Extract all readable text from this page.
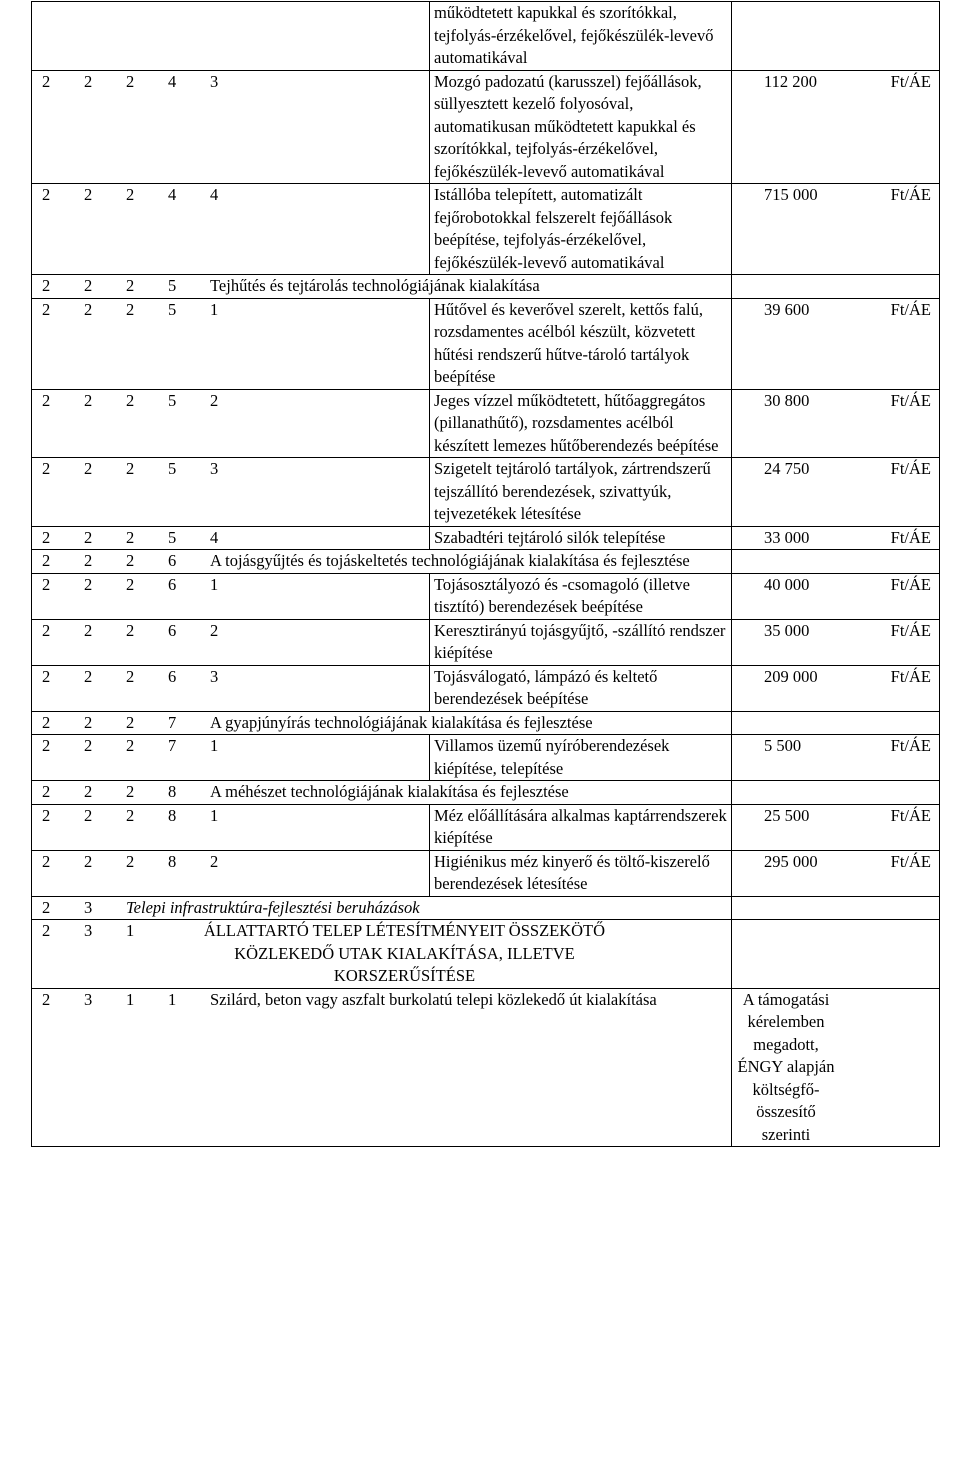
	működtetett kapukkal és szorítókkal, tejfolyás-érzékelővel, fejőkészülék-levevő automatikával	

2 2 2 4 3	Mozgó padozatú (karusszel) fejőállások, süllyesztett kezelő folyosóval, automatikusan működtetett kapukkal és szorítókkal, tejfolyás-érzékelővel, fejőkészülék-levevő automatikával	112 200 Ft/ÁE

2 2 2 4 4	Istállóba telepített, automatizált fejőrobotokkal felszerelt fejőállások beépítése, tejfolyás-érzékelővel, fejőkészülék-levevő automatikával	715 000 Ft/ÁE

2 2 2 5 Tejhűtés és tejtárolás technológiájának kialakítása		

2 2 2 5 1	Hűtővel és keverővel szerelt, kettős falú, rozsdamentes acélból készült, közvetett hűtési rendszerű hűtve-tároló tartályok beépítése	39 600 Ft/ÁE

2 2 2 5 2	Jeges vízzel működtetett, hűtőaggregátos (pillanathűtő), rozsdamentes acélból készített lemezes hűtőberendezés beépítése	30 800 Ft/ÁE

2 2 2 5 3	Szigetelt tejtároló tartályok, zártrendszerű tejszállító berendezések, szivattyúk, tejvezetékek létesítése	24 750 Ft/ÁE

2 2 2 5 4	Szabadtéri tejtároló silók telepítése	33 000 Ft/ÁE

2 2 2 6 A tojásgyűjtés és tojáskeltetés technológiájának kialakítása és fejlesztése		

2 2 2 6 1	Tojásosztályozó és -csomagoló (illetve tisztító) berendezések beépítése	40 000 Ft/ÁE

2 2 2 6 2	Keresztirányú tojásgyűjtő, -szállító rendszer kiépítése	35 000 Ft/ÁE

2 2 2 6 3	Tojásválogató, lámpázó és keltető berendezések beépítése	209 000 Ft/ÁE

2 2 2 7 A gyapjúnyírás technológiájának kialakítása és fejlesztése		

2 2 2 7 1	Villamos üzemű nyíróberendezések kiépítése, telepítése	5 500 Ft/ÁE

2 2 2 8 A méhészet technológiájának kialakítása és fejlesztése		

2 2 2 8 1	Méz előállítására alkalmas kaptárrendszerek kiépítése	25 500 Ft/ÁE

2 2 2 8 2	Higiénikus méz kinyerő és töltő-kiszerelő berendezések létesítése	295 000 Ft/ÁE

2 3 Telepi infrastruktúra-fejlesztési beruházások		

2 3 1 ÁLLATTARTÓ TELEP LÉTESÍTMÉNYEIT ÖSSZEKÖTŐ KÖZLEKEDŐ UTAK KIALAKÍTÁSA, ILLETVE KORSZERŰSÍTÉSE		

2 3 1 1 Szilárd, beton vagy aszfalt burkolatú telepi közlekedő út kialakítása		A támogatási kérelemben megadott, ÉNGY alapján költségfő-összesítő szerinti
